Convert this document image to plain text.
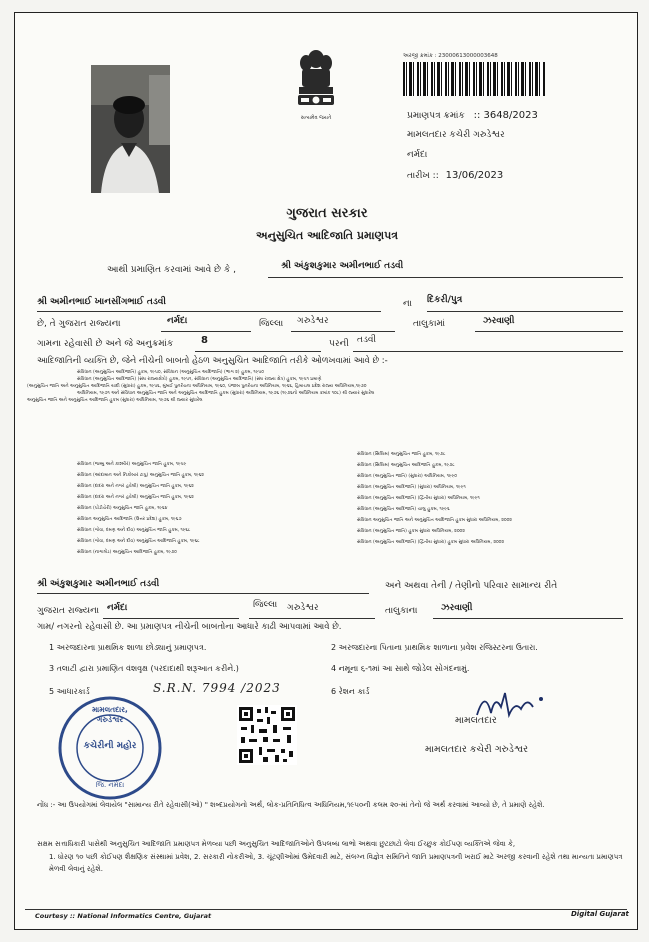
સત્યમેવ જયતે
અરજી ક્રમાંક : 23000613000003648
પ્રમાણપત્ર ક્રમાંક :: 3648/2023
મામલતદાર કચેરી ગરુડેશ્વર
નર્મદા
તારીખ :: 13/06/2023
ગુજરાત સરકાર
અનુસુચિત આદિજાતિ પ્રમાણપત્ર
આથી પ્રમાણિત કરવામાં આવે છે કે ,	શ્રી અંકુશકુમાર અમીનભાઈ તડવી
શ્રી અમીનભાઈ ખાનસીંગભાઈ તડવી	ના દિકરી/પુત્ર
છે, તે ગુજરાત રાજ્યના	નર્મદા	જિલ્લા ગરુડેશ્વર	તાલુકામાં	ઝરવાણી
ગામના રહેવાસી છે અને જે અનુક્રમાંક	8	પરની તડવી
આદિજાતિની વ્યક્તિ છે, જેને નીચેની બાબતો હેઠળ અનુસુચિત આદિજાતિ તરીકે ઓળખવામાં આવે છે :-
સંવિધાન (અનુસુચિત આદિજાતિ) હુકમ, ૧૯૫૦, સંવિધાન (અનુસુચિત આદિજાતિ) (ભાગ ૨) હુકમ, ૧૯૫૦
સંવિધાન (અનુસુચિત આદિજાતિ) (સંઘ રાજ્યક્ષેત્રો) હુકમ, ૧૯૫૧, સંવિધાન (અનુસુચિત આદિજાતિ) (સંઘ રાજ્ય ક્ષેત્ર) હુકમ, ૧૯૫૧ પ્રમાણે
(અનુસુચિત જાતિ અને અનુસુચિત આદિજાતિ યાદી (સુધારા) હુકમ, ૧૯૫૬, મુંબઈ પુનર્રચના અધિનિયમ, ૧૯૬૦, પંજાબ પુનર્રચના અધિનિયમ, ૧૯૬૬, હિમાચલ પ્રદેશ રાજ્ય અધિનિયમ,૧૯૭૦
અધિનિયમ, ૧૯૭૧ અને સંવિધાન અનુસુચિત જાતિ અને અનુસુચિત આદિજાતિ હુકમ (સુધારા) અધિનિયમ, ૧૯૭૬ (૧૯૭૬નો અધિનિયમ ક્રમાંક ૧૦૮) થી જ્યાર સુધારેલ
અનુસુચિત જાતિ અને અનુસુચિત આદિજાતિ હુકમ (સુધારા) અધિનિયમ, ૧૯૭૬ થી જ્યાર સુધારેલ
સંવિધાન (જમ્મુ અને કાશ્મીર) અનુસુચિત જાતિ હુકમ, ૧૯૫૯
સંવિધાન (આંદામાન અને નિકોબાર ટાપુ) અનુસુચિત જાતિ હુકમ, ૧૯૬૨
સંવિધાન (દાદરા અને નગર હવેલી) અનુસુચિત જાતિ હુકમ, ૧૯૬૨
સંવિધાન (દાદરા અને નગર હવેલી) અનુસુચિત જાતિ હુકમ, ૧૯૬૨
સંવિધાન (પોંડીચેરી) અનુસુચિત જાતિ હુકમ, ૧૯૬૪
સંવિધાન અનુસુચિત આદિજાતિ (ઉત્તર પ્રદેશ) હુકમ, ૧૯૬૭
સંવિધાન (ગોવા, દમણ અને દીવ) અનુસુચિત જાતિ હુકમ, ૧૯૬૮
સંવિધાન (ગોવા, દમણ અને દીવ) અનુસુચિત આદિજાતિ હુકમ, ૧૯૬૮
સંવિધાન (નાગાલેંડ) અનુસુચિત આદિજાતિ હુકમ, ૧૯૭૦
સંવિધાન (સિક્કિમ) અનુસુચિત જાતિ હુકમ, ૧૯૭૮
સંવિધાન (સિક્કિમ) અનુસુચિત આદિજાતિ હુકમ, ૧૯૭૮
સંવિધાન (અનુસુચિત જાતિ) (સુધારા) અધિનિયમ, ૧૯૯૦
સંવિધાન (અનુસુચિત આદિજાતિ) (સુધારા) અધિનિયમ, ૧૯૯૧
સંવિધાન (અનુસુચિત આદિજાતિ) (દ્વિતીય સુધારા) અધિનિયમ, ૧૯૯૧
સંવિધાન (અનુસુચિત આદિજાતિ) ચાલુ હુકમ, ૧૯૯૬
સંવિધાન અનુસુચિત જાતિ અને અનુસુચિત આદિજાતિ હુકમ સુધારા અધિનિયમ, ૨૦૦૨
સંવિધાન (અનુસુચિત જાતિ) હુકમ સુધારા અધિનિયમ, ૨૦૦૨
સંવિધાન (અનુસુચિત આદિજાતિ) (દ્વિતીય સુધારા) હુકમ સુધારા અધિનિયમ, ૨૦૦૨
શ્રી અંકુશકુમાર અમીનભાઈ તડવી	અને અથવા તેની / તેણીનો પરિવાર સામાન્ય રીતે
ગુજરાત રાજ્યના નર્મદા	જિલ્લા ગરુડેશ્વર	તાલુકાના	ઝરવાણી
ગામ/ નગરનો રહેવાસી છે. આ પ્રમાણપત્ર નીચેની બાબતોના આધારે કાઢી આપવામાં આવે છે.
1 અરજદારના પ્રાથમિક શાળા છોડ્યાનું પ્રમાણપત્ર.	2 અરજદારના પિતાના પ્રાથમિક શાળાના પ્રવેશ રજિસ્ટરના ઉતારા.
3 તલાટી દ્વારા પ્રમાણિત વંશવૃક્ષ (પરદાદાથી શરૂઆત કરીને.)	4 નમૂના ૬-૧માં આ સાથે જોડેલ સોગંદનામું.
5 આધારકાર્ડ	6 રેશન કાર્ડ
S.R.N. 7994 /2023
મામલતદાર, ગરુડેશ્વર
કચેરીની મહોર
જિ. નર્મદા
મામલતદાર
મામલતદાર કચેરી ગરુડેશ્વર
નોંધ :- આ ઉપયોગમાં લેવાયેલ "સામાન્ય રીતે રહેવાસી(ઓ) " શબ્દપ્રયોગનો અર્થ, લોક-પ્રતિનિધિત્વ અધિનિયમ,૧૯૫૦ની કલમ ૨૦-માં તેનો જે અર્થ કરવામાં આવ્યો છે, તે પ્રમાણે રહેશે.
સક્ષમ સત્તાધિકારી પાસેથી અનુસુચિત આદિજાતિ પ્રમાણપત્ર મેળવ્યા પછી અનુસુચિત આદિજાતિઓને ઉપલબ્ધ લાભો અથવા છુટછાટો લેવા ઈચ્છુક કોઈપણ વ્યક્તિએ જેવા કે,
1. ધોરણ ૧૦ પછી કોઈપણ શૈક્ષણિક સંસ્થામાં પ્રવેશ, 2. સરકારી નોકરીઓ, 3. ચૂંટણીઓમાં ઉમેદવારી માટે, સંલગ્ન વિજ્ઞેત્ર સમિતિને જાતિ પ્રમાણપત્રની ખરાઈ માટે અરજી કરવાની રહેશે તથા માન્યતા પ્રમાણપત્ર મેળવી લેવાનું રહેશે.
Courtesy :: National Informatics Centre, Gujarat	Digital Gujarat
